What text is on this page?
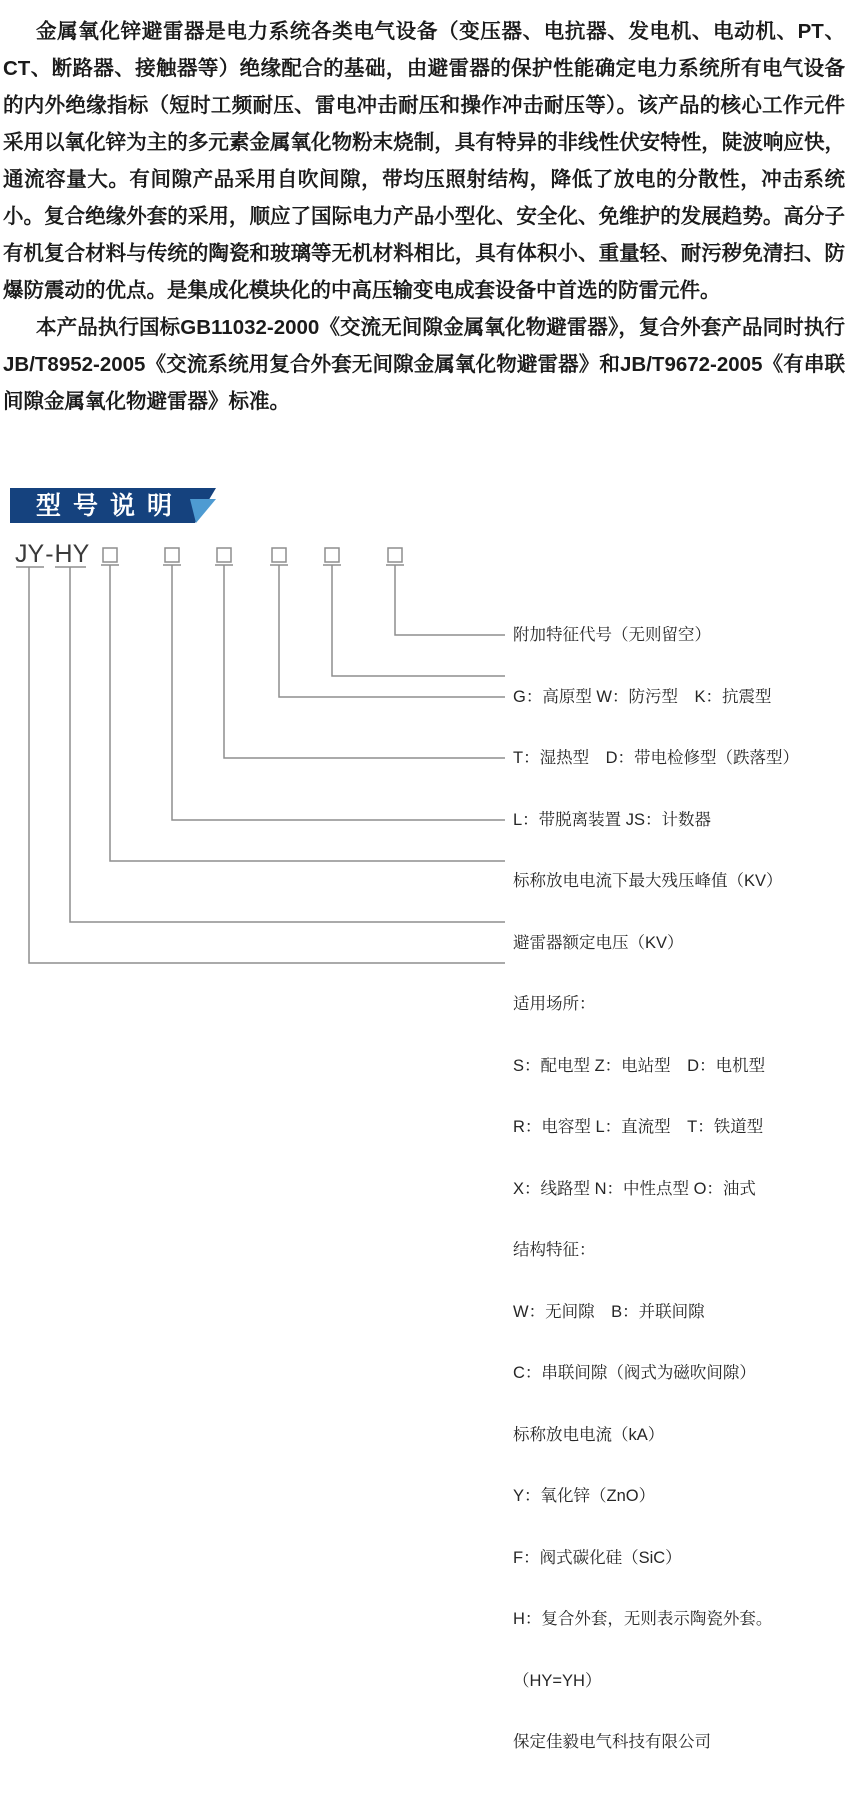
金属氧化锌避雷器是电力系统各类电气设备（变压器、电抗器、发电机、电动机、PT、CT、断路器、接触器等）绝缘配合的基础，由避雷器的保护性能确定电力系统所有电气设备的内外绝缘指标（短时工频耐压、雷电冲击耐压和操作冲击耐压等）。该产品的核心工作元件采用以氧化锌为主的多元素金属氧化物粉末烧制，具有特异的非线性伏安特性，陡波响应快，通流容量大。有间隙产品采用自吹间隙，带均压照射结构，降低了放电的分散性，冲击系统小。复合绝缘外套的采用，顺应了国际电力产品小型化、安全化、免维护的发展趋势。高分子有机复合材料与传统的陶瓷和玻璃等无机材料相比，具有体积小、重量轻、耐污秽免清扫、防爆防震动的优点。是集成化模块化的中高压输变电成套设备中首选的防雷元件。

本产品执行国标GB11032-2000《交流无间隙金属氧化物避雷器》，复合外套产品同时执行JB/T8952-2005《交流系统用复合外套无间隙金属氧化物避雷器》和JB/T9672-2005《有串联间隙金属氧化物避雷器》标准。

型号说明
JY-HY

附加特征代号（无则留空）

G：高原型 W：防污型　K：抗震型

T：湿热型　D：带电检修型（跌落型）

L：带脱离装置 JS：计数器

标称放电电流下最大残压峰值（KV）

避雷器额定电压（KV）

适用场所：

S：配电型 Z：电站型　D：电机型

R：电容型 L：直流型　T：铁道型

X：线路型 N：中性点型 O：油式

结构特征：

W：无间隙　B：并联间隙

C：串联间隙（阀式为磁吹间隙）

标称放电电流（kA）

Y：氧化锌（ZnO）

F：阀式碳化硅（SiC）

H：复合外套，无则表示陶瓷外套。

（HY=YH）

保定佳毅电气科技有限公司
